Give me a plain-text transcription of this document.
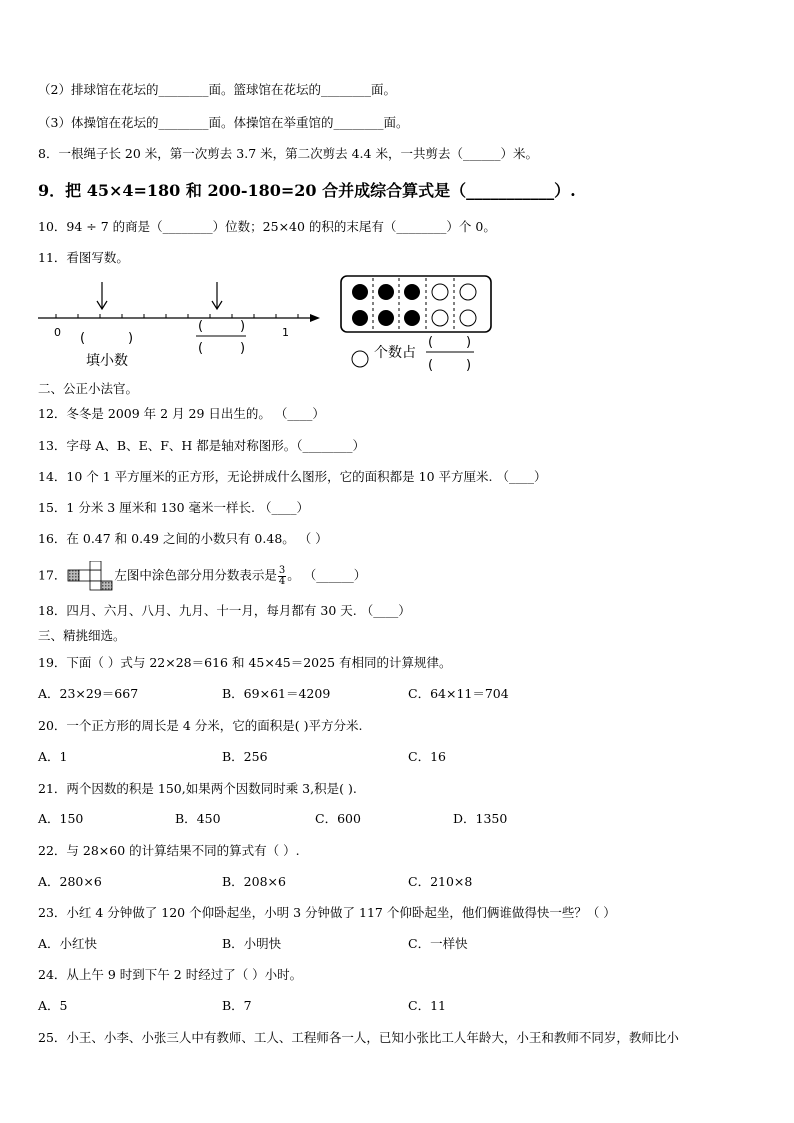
（2）排球馆在花坛的________面。篮球馆在花坛的________面。
（3）体操馆在花坛的________面。体操馆在举重馆的________面。
8．一根绳子长 20 米，第一次剪去 3.7 米，第二次剪去 4.4 米，一共剪去（______）米。
9．把 45×4=180 和 200-180=20 合并成综合算式是（___________）.
10．94 ÷ 7 的商是（________）位数；25×40 的积的末尾有（________）个 0。
11．看图写数。
0	1
(	)
填小数
(	)
(	)	个数占
(	)
(	)
二、公正小法官。
12．冬冬是 2009 年 2 月 29 日出生的。 （____）
13．字母 A、B、E、F、H 都是轴对称图形。（________）
14．10 个 1 平方厘米的正方形，无论拼成什么图形，它的面积都是 10 平方厘米. （____）
15．1 分米 3 厘米和 130 毫米一样长. （____）
16．在 0.47 和 0.49 之间的小数只有 0.48。 （ ）
17．	左图中涂色部分用分数表示是 $\frac{3}{4}$ 。 （______）
18．四月、六月、八月、九月、十一月，每月都有 30 天. （____）
三、精挑细选。
19．下面（ ）式与 22×28＝616 和 45×45＝2025 有相同的计算规律。
A．23×29＝667	B．69×61＝4209	C．64×11＝704
20．一个正方形的周长是 4 分米，它的面积是( )平方分米.
A．1	B．256	C．16
21．两个因数的积是 150,如果两个因数同时乘 3,积是( ).
A．150	B．450	C．600	D．1350
22．与 28×60 的计算结果不同的算式有（ ）.
A．280×6	B．208×6	C．210×8
23．小红 4 分钟做了 120 个仰卧起坐，小明 3 分钟做了 117 个仰卧起坐，他们俩谁做得快一些？（ ）
A．小红快	B．小明快	C．一样快
24．从上午 9 时到下午 2 时经过了（ ）小时。
A．5	B．7	C．11
25．小王、小李、小张三人中有教师、工人、工程师各一人，已知小张比工人年龄大，小王和教师不同岁，教师比小
